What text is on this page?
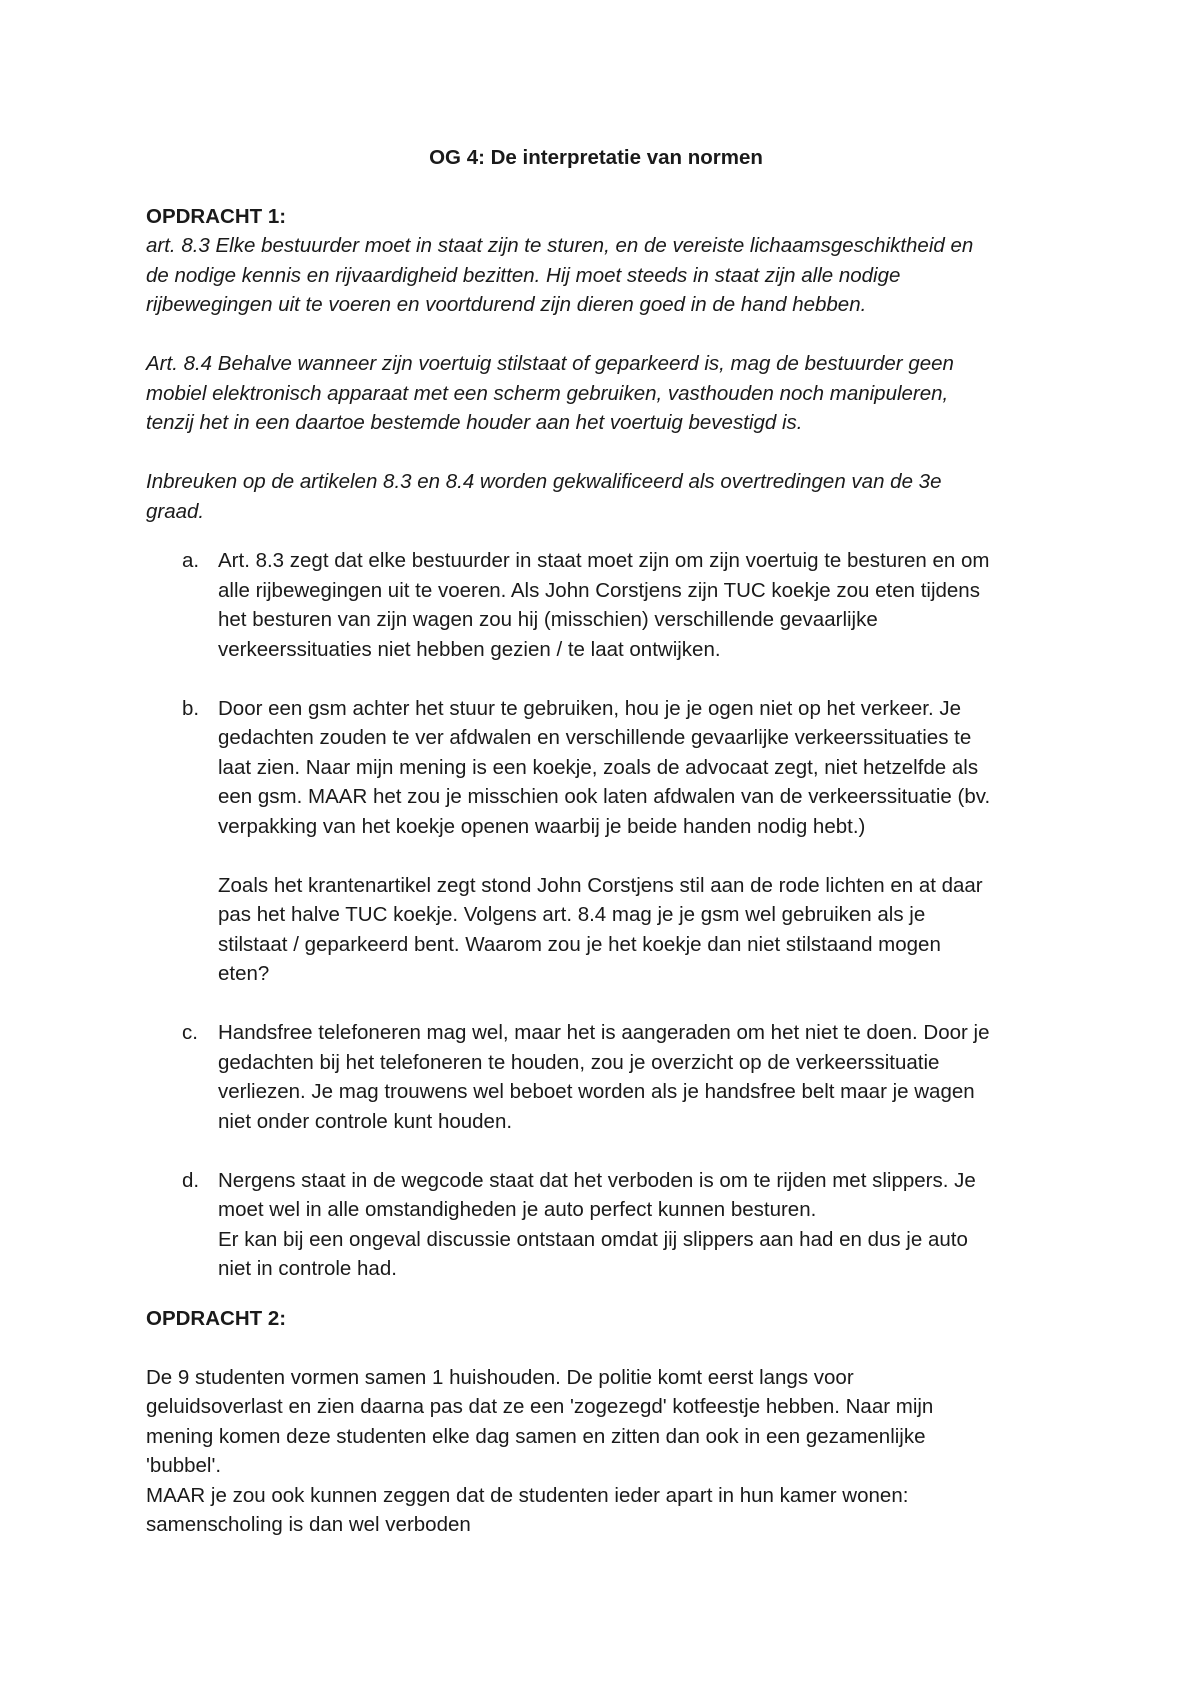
OG 4: De interpretatie van normen

OPDRACHT 1:

art. 8.3 Elke bestuurder moet in staat zijn te sturen, en de vereiste lichaamsgeschiktheid en

de nodige kennis en rijvaardigheid bezitten. Hij moet steeds in staat zijn alle nodige

rijbewegingen uit te voeren en voortdurend zijn dieren goed in de hand hebben.

Art. 8.4 Behalve wanneer zijn voertuig stilstaat of geparkeerd is, mag de bestuurder geen

mobiel elektronisch apparaat met een scherm gebruiken, vasthouden noch manipuleren,

tenzij het in een daartoe bestemde houder aan het voertuig bevestigd is.

Inbreuken op de artikelen 8.3 en 8.4 worden gekwalificeerd als overtredingen van de 3e

graad.

a. Art. 8.3 zegt dat elke bestuurder in staat moet zijn om zijn voertuig te besturen en om

alle rijbewegingen uit te voeren. Als John Corstjens zijn TUC koekje zou eten tijdens

het besturen van zijn wagen zou hij (misschien) verschillende gevaarlijke

verkeerssituaties niet hebben gezien / te laat ontwijken.

b. Door een gsm achter het stuur te gebruiken, hou je je ogen niet op het verkeer. Je

gedachten zouden te ver afdwalen en verschillende gevaarlijke verkeerssituaties te

laat zien. Naar mijn mening is een koekje, zoals de advocaat zegt, niet hetzelfde als

een gsm. MAAR het zou je misschien ook laten afdwalen van de verkeerssituatie (bv.

verpakking van het koekje openen waarbij je beide handen nodig hebt.)

Zoals het krantenartikel zegt stond John Corstjens stil aan de rode lichten en at daar

pas het halve TUC koekje. Volgens art. 8.4 mag je je gsm wel gebruiken als je

stilstaat / geparkeerd bent. Waarom zou je het koekje dan niet stilstaand mogen

eten?

c. Handsfree telefoneren mag wel, maar het is aangeraden om het niet te doen. Door je

gedachten bij het telefoneren te houden, zou je overzicht op de verkeerssituatie

verliezen. Je mag trouwens wel beboet worden als je handsfree belt maar je wagen

niet onder controle kunt houden.

d. Nergens staat in de wegcode staat dat het verboden is om te rijden met slippers. Je

moet wel in alle omstandigheden je auto perfect kunnen besturen.

Er kan bij een ongeval discussie ontstaan omdat jij slippers aan had en dus je auto

niet in controle had.

OPDRACHT 2:

De 9 studenten vormen samen 1 huishouden. De politie komt eerst langs voor

geluidsoverlast en zien daarna pas dat ze een 'zogezegd' kotfeestje hebben. Naar mijn

mening komen deze studenten elke dag samen en zitten dan ook in een gezamenlijke

'bubbel'.

MAAR je zou ook kunnen zeggen dat de studenten ieder apart in hun kamer wonen:

samenscholing is dan wel verboden
